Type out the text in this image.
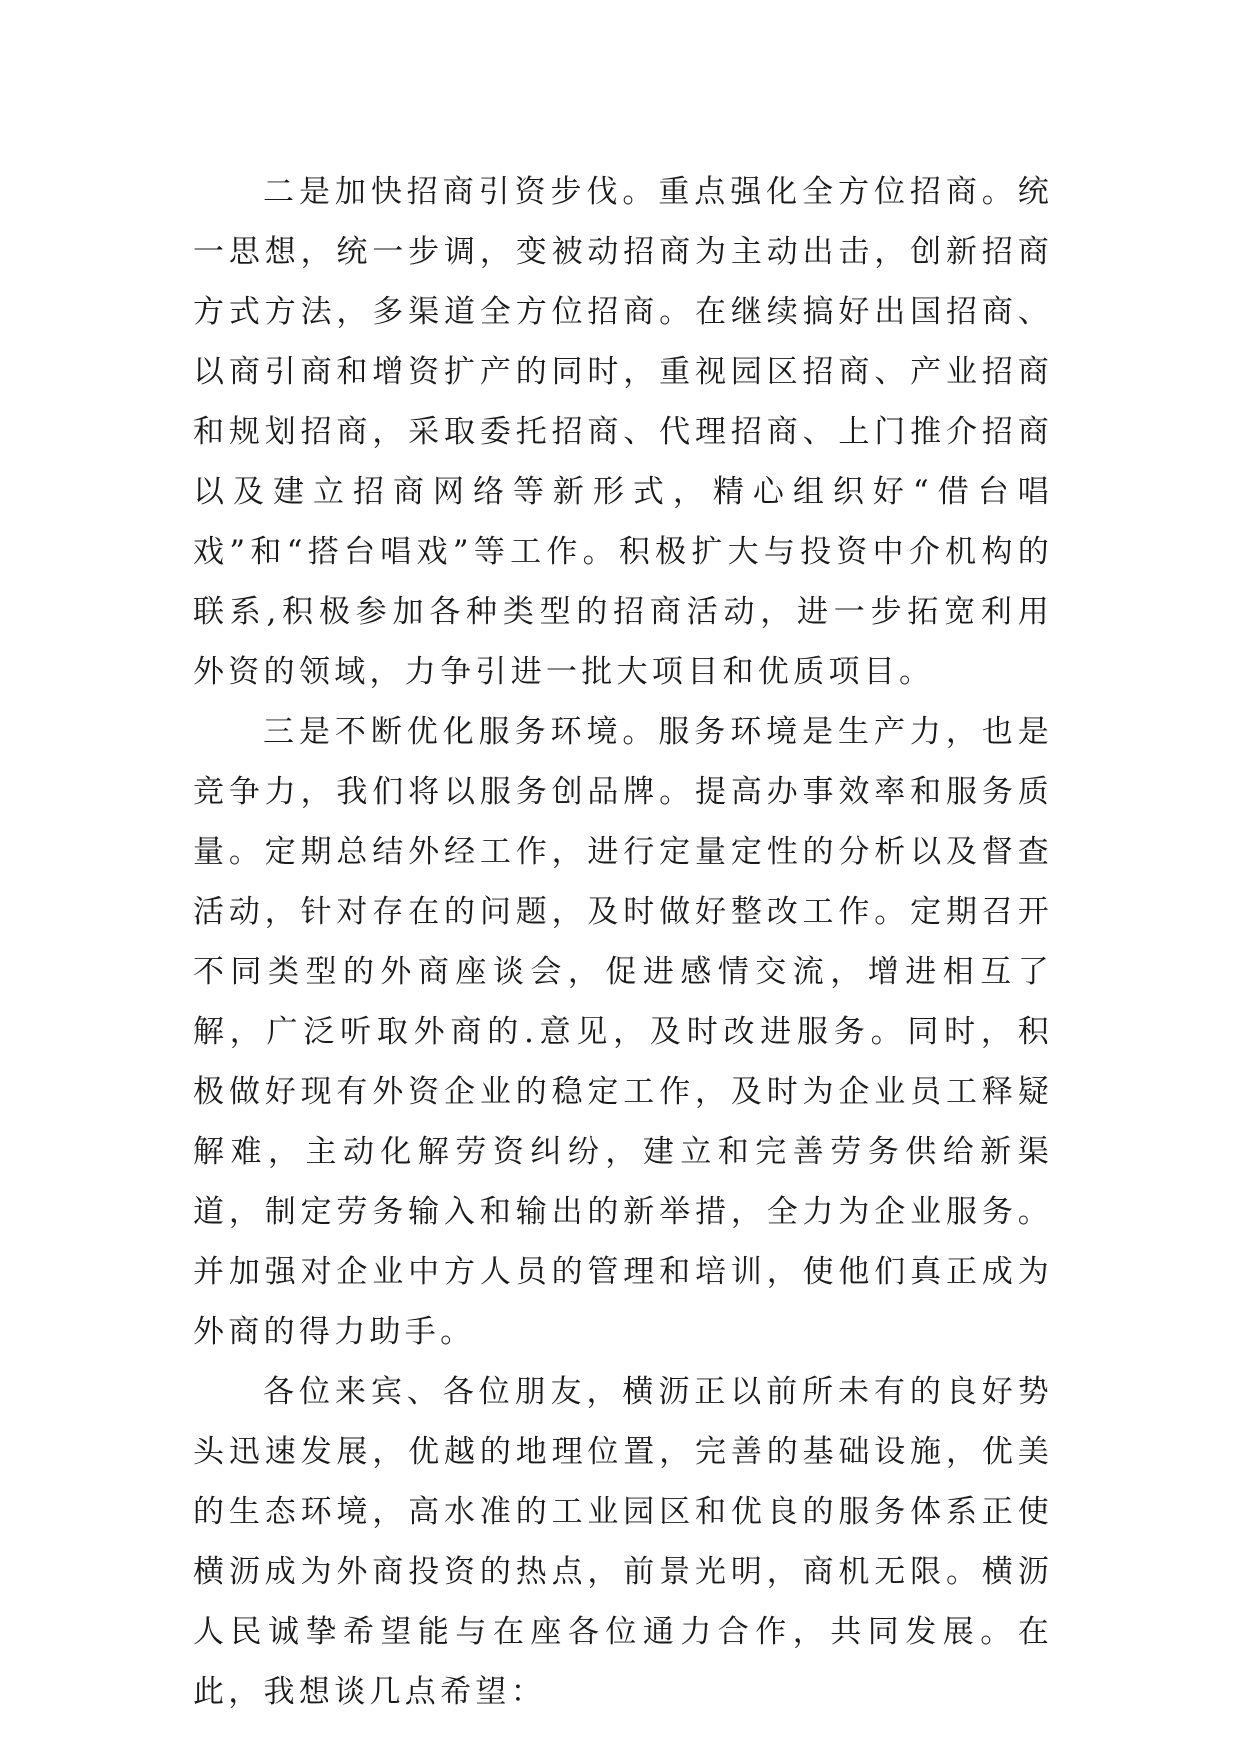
二是加快招商引资步伐。重点强化全方位招商。统一思想，统一步调，变被动招商为主动出击，创新招商方式方法，多渠道全方位招商。在继续搞好出国招商、以商引商和增资扩产的同时，重视园区招商、产业招商和规划招商，采取委托招商、代理招商、上门推介招商以及建立招商网络等新形式，精心组织好“借台唱戏”和“搭台唱戏”等工作。积极扩大与投资中介机构的联系,积极参加各种类型的招商活动，进一步拓宽利用外资的领域，力争引进一批大项目和优质项目。

三是不断优化服务环境。服务环境是生产力，也是竞争力，我们将以服务创品牌。提高办事效率和服务质量。定期总结外经工作，进行定量定性的分析以及督查活动，针对存在的问题，及时做好整改工作。定期召开不同类型的外商座谈会，促进感情交流，增进相互了解，广泛听取外商的.意见，及时改进服务。同时，积极做好现有外资企业的稳定工作，及时为企业员工释疑解难，主动化解劳资纠纷，建立和完善劳务供给新渠道，制定劳务输入和输出的新举措，全力为企业服务。并加强对企业中方人员的管理和培训，使他们真正成为外商的得力助手。

各位来宾、各位朋友，横沥正以前所未有的良好势头迅速发展，优越的地理位置，完善的基础设施，优美的生态环境，高水准的工业园区和优良的服务体系正使横沥成为外商投资的热点，前景光明，商机无限。横沥人民诚挚希望能与在座各位通力合作，共同发展。在此，我想谈几点希望：
